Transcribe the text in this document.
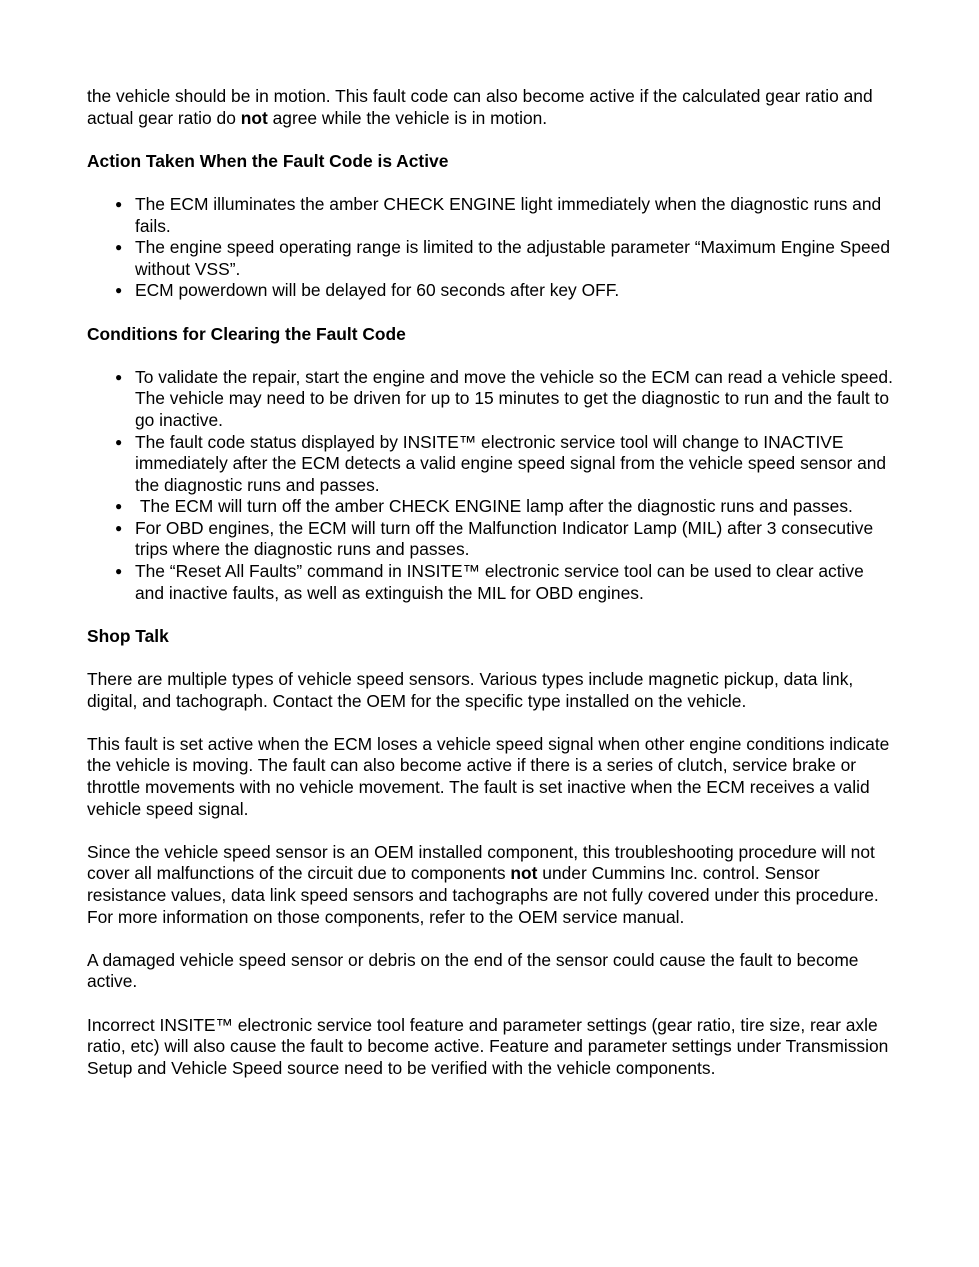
the vehicle should be in motion. This fault code can also become active if the calculated gear ratio and actual gear ratio do not agree while the vehicle is in motion.

Action Taken When the Fault Code is Active
● The ECM illuminates the amber CHECK ENGINE light immediately when the diagnostic runs and fails.
● The engine speed operating range is limited to the adjustable parameter “Maximum Engine Speed without VSS”.
● ECM powerdown will be delayed for 60 seconds after key OFF.
Conditions for Clearing the Fault Code
● To validate the repair, start the engine and move the vehicle so the ECM can read a vehicle speed. The vehicle may need to be driven for up to 15 minutes to get the diagnostic to run and the fault to go inactive.
● The fault code status displayed by INSITE™ electronic service tool will change to INACTIVE immediately after the ECM detects a valid engine speed signal from the vehicle speed sensor and the diagnostic runs and passes.
● The ECM will turn off the amber CHECK ENGINE lamp after the diagnostic runs and passes.
● For OBD engines, the ECM will turn off the Malfunction Indicator Lamp (MIL) after 3 consecutive trips where the diagnostic runs and passes.
● The “Reset All Faults” command in INSITE™ electronic service tool can be used to clear active and inactive faults, as well as extinguish the MIL for OBD engines.
Shop Talk

There are multiple types of vehicle speed sensors. Various types include magnetic pickup, data link, digital, and tachograph. Contact the OEM for the specific type installed on the vehicle.

This fault is set active when the ECM loses a vehicle speed signal when other engine conditions indicate the vehicle is moving. The fault can also become active if there is a series of clutch, service brake or throttle movements with no vehicle movement. The fault is set inactive when the ECM receives a valid vehicle speed signal.

Since the vehicle speed sensor is an OEM installed component, this troubleshooting procedure will not cover all malfunctions of the circuit due to components not under Cummins Inc. control. Sensor resistance values, data link speed sensors and tachographs are not fully covered under this procedure. For more information on those components, refer to the OEM service manual.

A damaged vehicle speed sensor or debris on the end of the sensor could cause the fault to become active.

Incorrect INSITE™ electronic service tool feature and parameter settings (gear ratio, tire size, rear axle ratio, etc) will also cause the fault to become active. Feature and parameter settings under Transmission Setup and Vehicle Speed source need to be verified with the vehicle components.
